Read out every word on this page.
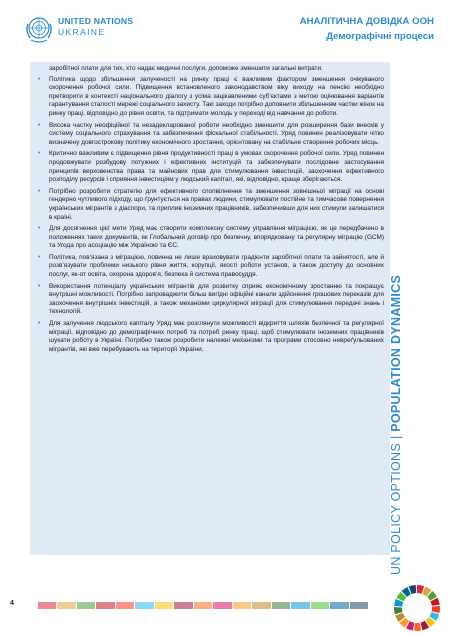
UNITED NATIONS
UKRAINE
АНАЛІТИЧНА ДОВІДКА ООН
Демографічні процеси

заробітної плати для тих, хто надає медичні послуги, допоможе зменшити загальні витрати.

• Політика щодо збільшення залученості на ринку праці є важливим фактором зменшення очікуваного скорочення робочої сили. Підвищення встановленого законодавством віку виходу на пенсію необхідно претворити в контексті національного діалогу з усіма зацікавленими суб’єктами з метою оцінювання варіантів гарантування сталості мережі соціального захисту. Такі заходи потрібно доповнити збільшенням частки жінок на ринку праці, відповідно до рівня освіти, та підтримати молодь у переході від навчання до роботи.
• Висока частку неофіційної та незадекларованої роботи необхідно зменшити для розширення бази внесків у систему соціального страхування та забезпечення фіскальної стабільності. Уряд повинен реалізовувати чітко визначену довгострокову політику економічного зростання, орієнтовану на стабільне створення робочих місць.
• Критично важливим є підвищення рівня продуктивності праці в умовах скорочення робочої сили. Уряд повинен продовжувати розбудову потужних і ефективних інституцій та забезпечувати послідовне застосування принципів верховенства права та майнових прав для стимулювання інвестицій, заохочення ефективного розподілу ресурсів і сприяння інвестиціям у людський капітал, які, відповідно, краще зберігаються.
• Потрібно розробити стратегію для ефективного спопвілнення та зменшення зовнішньої міграції на основі гендерно чутливого підходу, що ґрунтується на правах людини, стимулювати постійне та тимчасове повернення українських мігрантів з діаспори, та приплив іноземних працівників, забезпечивши для них стимули залишатися в країні.
• Для досягнення цієї мети Уряд має створити комплексну систему управління міграцією, як це передбачено в положеннях таких документів, як Глобальний договір про безпечну, впорядковану та регулярну міграцію (GCM) та Угода про асоціацію між Україною та ЄС.
• Політика, пов’язана з міграцією, повинна не лише враховувати градієнти заробітної плати та зайнятості, але й розв’язувати проблеми низького рівня життя, корупції, якості роботи установ, а також доступу до основних послуг, як-от освіта, охорона здоров’я, безпека й система правосуддя.
• Використання потенціалу українських мігрантів для розвитку сприяє економічному зростанню та покращує внутрішні можливості. Потрібно запроваджити більш вигідні офіційні канали здійснення грошових переказів для заохочення внутрішніх інвестицій, а також механізми циркулярної міграції для стимулювання передачі знань і технологій.
• Для залучення людського капіталу Уряд має розглянути можливості відкриття шляхів безпечної та регулярної міграції, відповідно до демографічних потреб та потреб ринку праці, щоб стимулювати іноземних працівників шукати роботу в Україні. Потрібно також розробити належні механізми та програми стосовно невреґульованих мігрантів, які вже перебувають на території України.
UN POLICY OPTIONS|POPULATION DYNAMICS
4
